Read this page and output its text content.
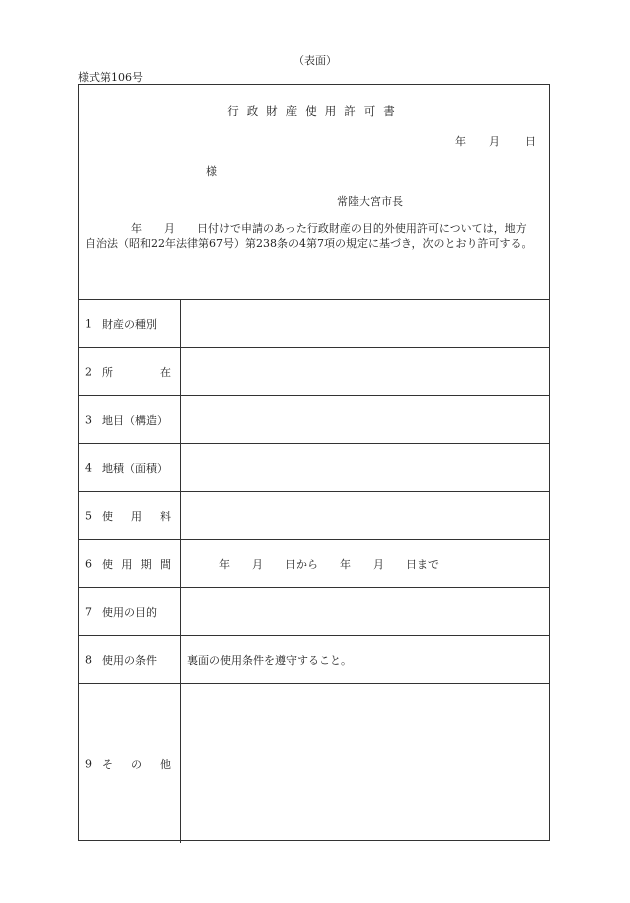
（表面）
様式第106号
行政財産使用許可書
年 月 日
様
常陸大宮市長
年　　月　　日付けで申請のあった行政財産の目的外使用許可については，地方
自治法（昭和22年法律第67号）第238条の4第7項の規定に基づき，次のとおり許可する。
1 財産の種別
2 所	在
3 地目（構造）
4 地積（面積）
5 使 用 料
6 使 用 期 間	年　　月　　日から　　年　　月　　日まで
7 使用の目的
8 使用の条件	裏面の使用条件を遵守すること。
9 そ の 他
